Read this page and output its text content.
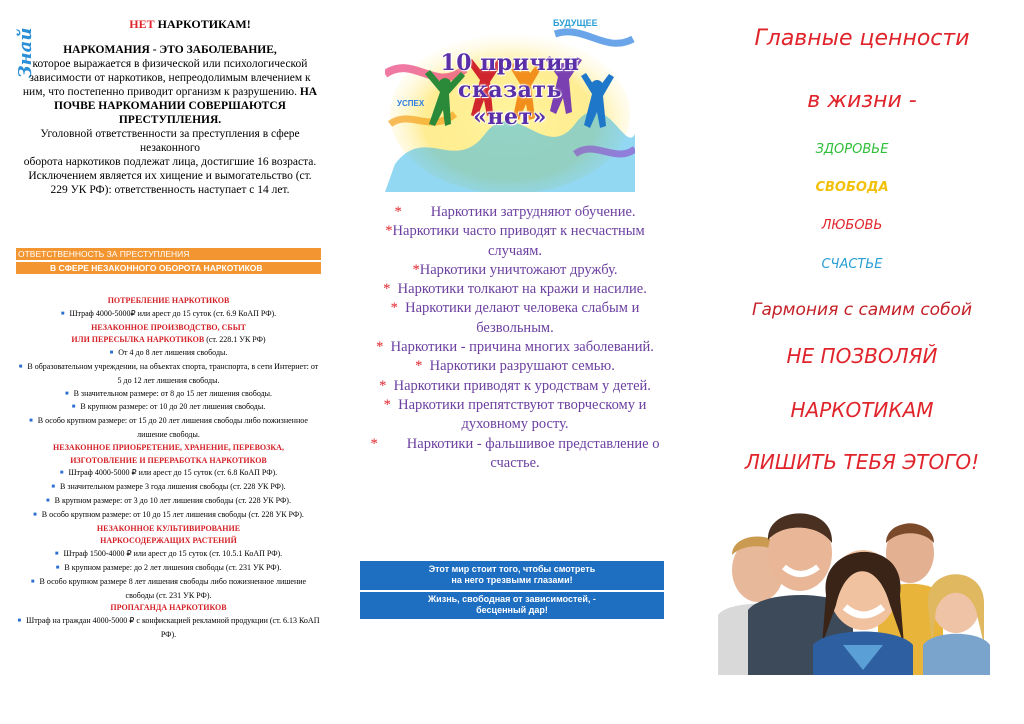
Знай
НЕТ НАРКОТИКАМ!

НАРКОМАНИЯ - ЭТО ЗАБОЛЕВАНИЕ,

которое выражается в физической или психологической зависимости от наркотиков, непреодолимым влечением к ним, что постепенно приводит организм к разрушению. НА ПОЧВЕ НАРКОМАНИИ СОВЕРШАЮТСЯ ПРЕСТУПЛЕНИЯ.

Уголовной ответственности за преступления в сфере незаконного

оборота наркотиков подлежат лица, достигшие 16 возраста.

Исключением является их хищение и вымогательство (ст. 229 УК РФ): ответственность наступает с 14 лет.

ОТВЕТСТВЕННОСТЬ ЗА ПРЕСТУПЛЕНИЯ
В СФЕРЕ НЕЗАКОННОГО ОБОРОТА НАРКОТИКОВ
ПОТРЕБЛЕНИЕ НАРКОТИКОВ
■ Штраф 4000-5000₽ или арест до 15 суток (ст. 6.9 КоАП РФ).
НЕЗАКОННОЕ ПРОИЗВОДСТВО, СБЫТ
ИЛИ ПЕРЕСЫЛКА НАРКОТИКОВ (ст. 228.1 УК РФ)
■ От 4 до 8 лет лишения свободы.
■ В образовательном учреждении, на объектах спорта, транспорта, в сети Интернет: от 5 до 12 лет лишения свободы.
■ В значительном размере: от 8 до 15 лет лишения свободы.
■ В крупном размере: от 10 до 20 лет лишения свободы.
■ В особо крупном размере: от 15 до 20 лет лишения свободы либо пожизненное лишение свободы.
НЕЗАКОННОЕ ПРИОБРЕТЕНИЕ, ХРАНЕНИЕ, ПЕРЕВОЗКА,
ИЗГОТОВЛЕНИЕ И ПЕРЕРАБОТКА НАРКОТИКОВ
■ Штраф 4000-5000 ₽ или арест до 15 суток (ст. 6.8 КоАП РФ).
■ В значительном размере 3 года лишения свободы (ст. 228 УК РФ).
■ В крупном размере: от 3 до 10 лет лишения свободы (ст. 228 УК РФ).
■ В особо крупном размере: от 10 до 15 лет лишения свободы (ст. 228 УК РФ).
НЕЗАКОННОЕ КУЛЬТИВИРОВАНИЕ
НАРКОСОДЕРЖАЩИХ РАСТЕНИЙ
■ Штраф 1500-4000 ₽ или арест до 15 суток (ст. 10.5.1 КоАП РФ).
■ В крупном размере: до 2 лет лишения свободы (ст. 231 УК РФ).
■ В особо крупном размере 8 лет лишения свободы либо пожизненное лишение свободы (ст. 231 УК РФ).
ПРОПАГАНДА НАРКОТИКОВ
■ Штраф на граждан 4000-5000 ₽ с конфискацией рекламной продукции (ст. 6.13 КоАП РФ).
БУДУЩЕЕ
УСПЕХ
10 причин
сказать
«нет»

* Наркотики затрудняют обучение.

*Наркотики часто приводят к несчастным случаям.

*Наркотики уничтожают дружбу.

* Наркотики толкают на кражи и насилие.

* Наркотики делают человека слабым и безвольным.

* Наркотики - причина многих заболеваний.

* Наркотики разрушают семью.

* Наркотики приводят к уродствам у детей.

* Наркотики препятствуют творческому и духовному росту.

* Наркотики - фальшивое представление о счастье.

Этот мир стоит того, чтобы смотреть
на него трезвыми глазами!
Жизнь, свободная от зависимостей, -
бесценный дар!
Главные ценности
в жизни -
ЗДОРОВЬЕ
СВОБОДА
ЛЮБОВЬ
СЧАСТЬЕ
Гармония с самим собой
НЕ ПОЗВОЛЯЙ
НАРКОТИКАМ
ЛИШИТЬ ТЕБЯ ЭТОГО!
